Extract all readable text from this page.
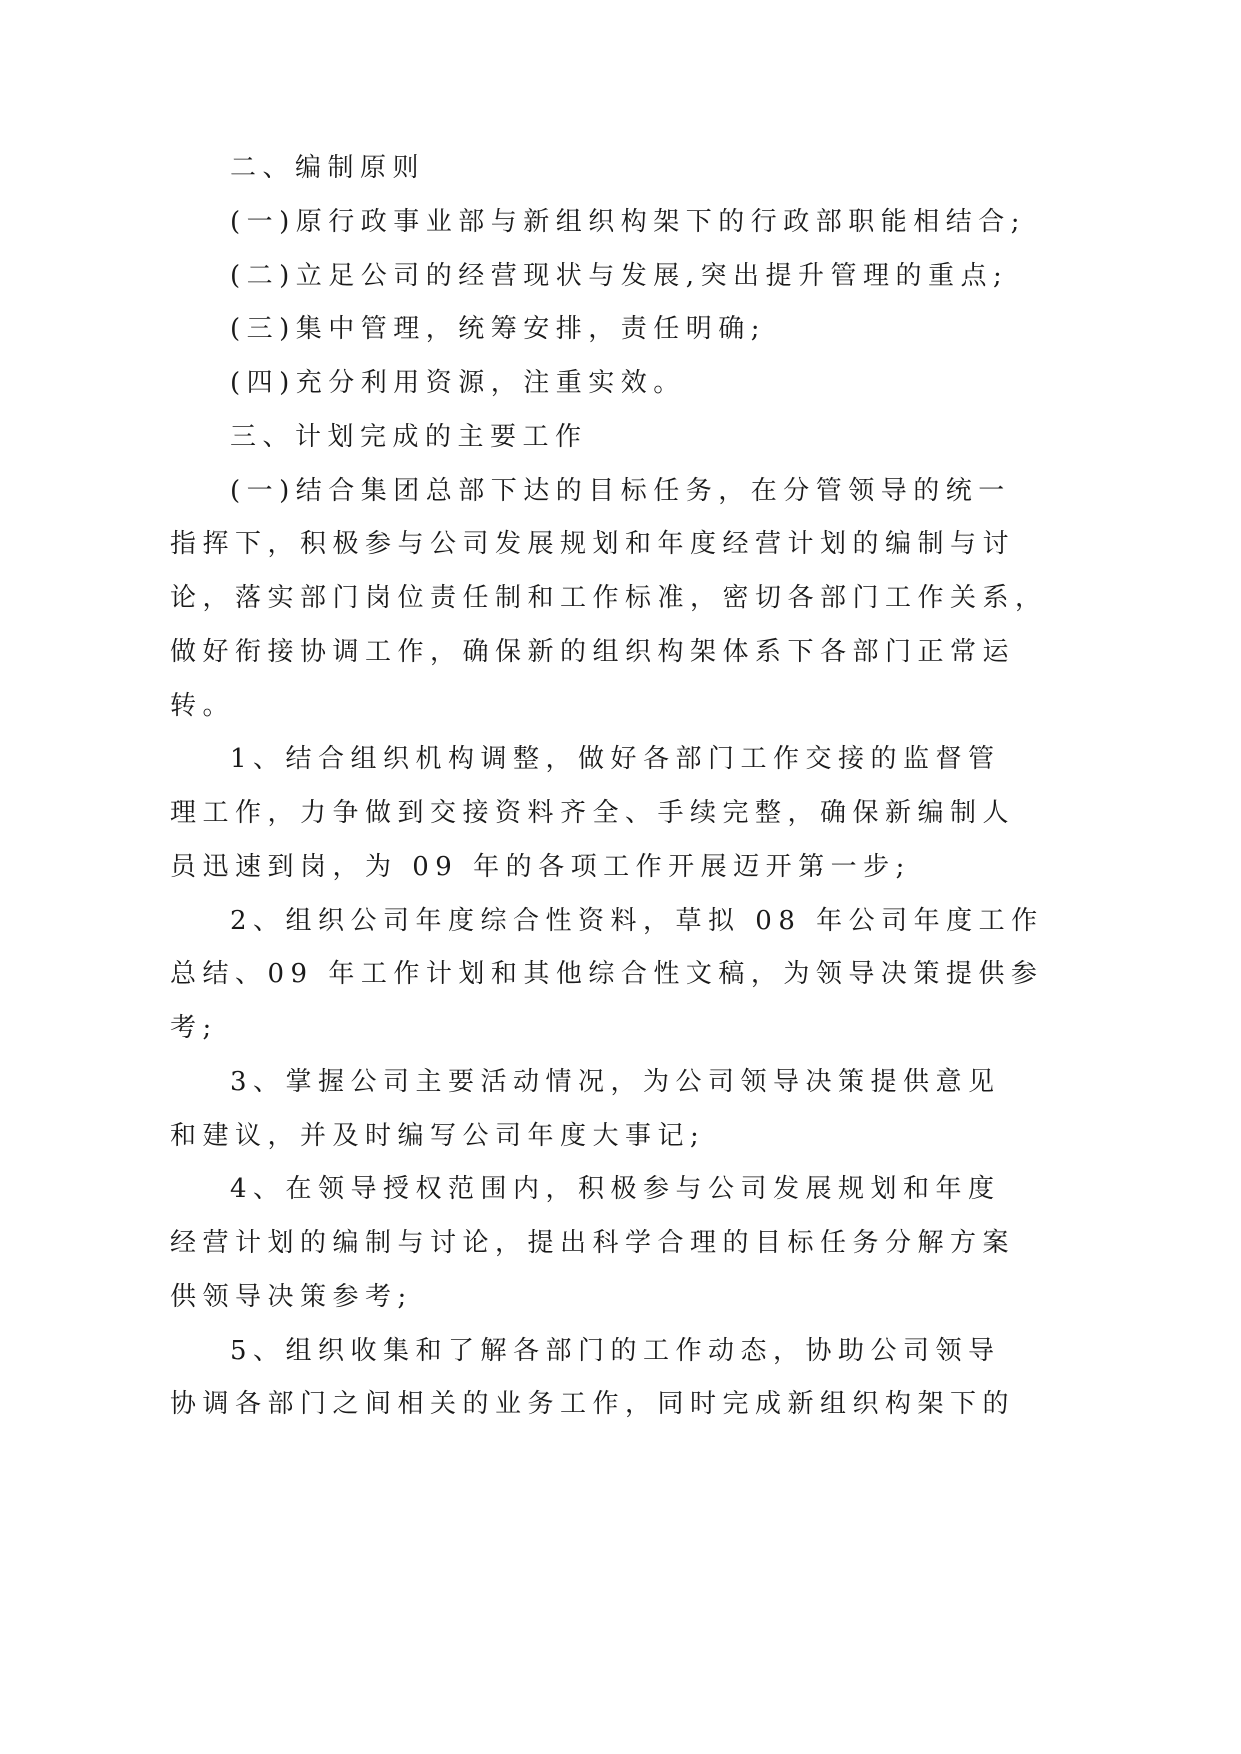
二、编制原则
(一)原行政事业部与新组织构架下的行政部职能相结合;
(二)立足公司的经营现状与发展,突出提升管理的重点;
(三)集中管理，统筹安排，责任明确;
(四)充分利用资源，注重实效。
三、计划完成的主要工作
(一)结合集团总部下达的目标任务，在分管领导的统一
指挥下，积极参与公司发展规划和年度经营计划的编制与讨
论，落实部门岗位责任制和工作标准，密切各部门工作关系，
做好衔接协调工作，确保新的组织构架体系下各部门正常运
转。
1、结合组织机构调整，做好各部门工作交接的监督管
理工作，力争做到交接资料齐全、手续完整，确保新编制人
员迅速到岗，为 09 年的各项工作开展迈开第一步;
2、组织公司年度综合性资料，草拟 08 年公司年度工作
总结、09 年工作计划和其他综合性文稿，为领导决策提供参
考;
3、掌握公司主要活动情况，为公司领导决策提供意见
和建议，并及时编写公司年度大事记;
4、在领导授权范围内，积极参与公司发展规划和年度
经营计划的编制与讨论，提出科学合理的目标任务分解方案
供领导决策参考;
5、组织收集和了解各部门的工作动态，协助公司领导
协调各部门之间相关的业务工作，同时完成新组织构架下的
